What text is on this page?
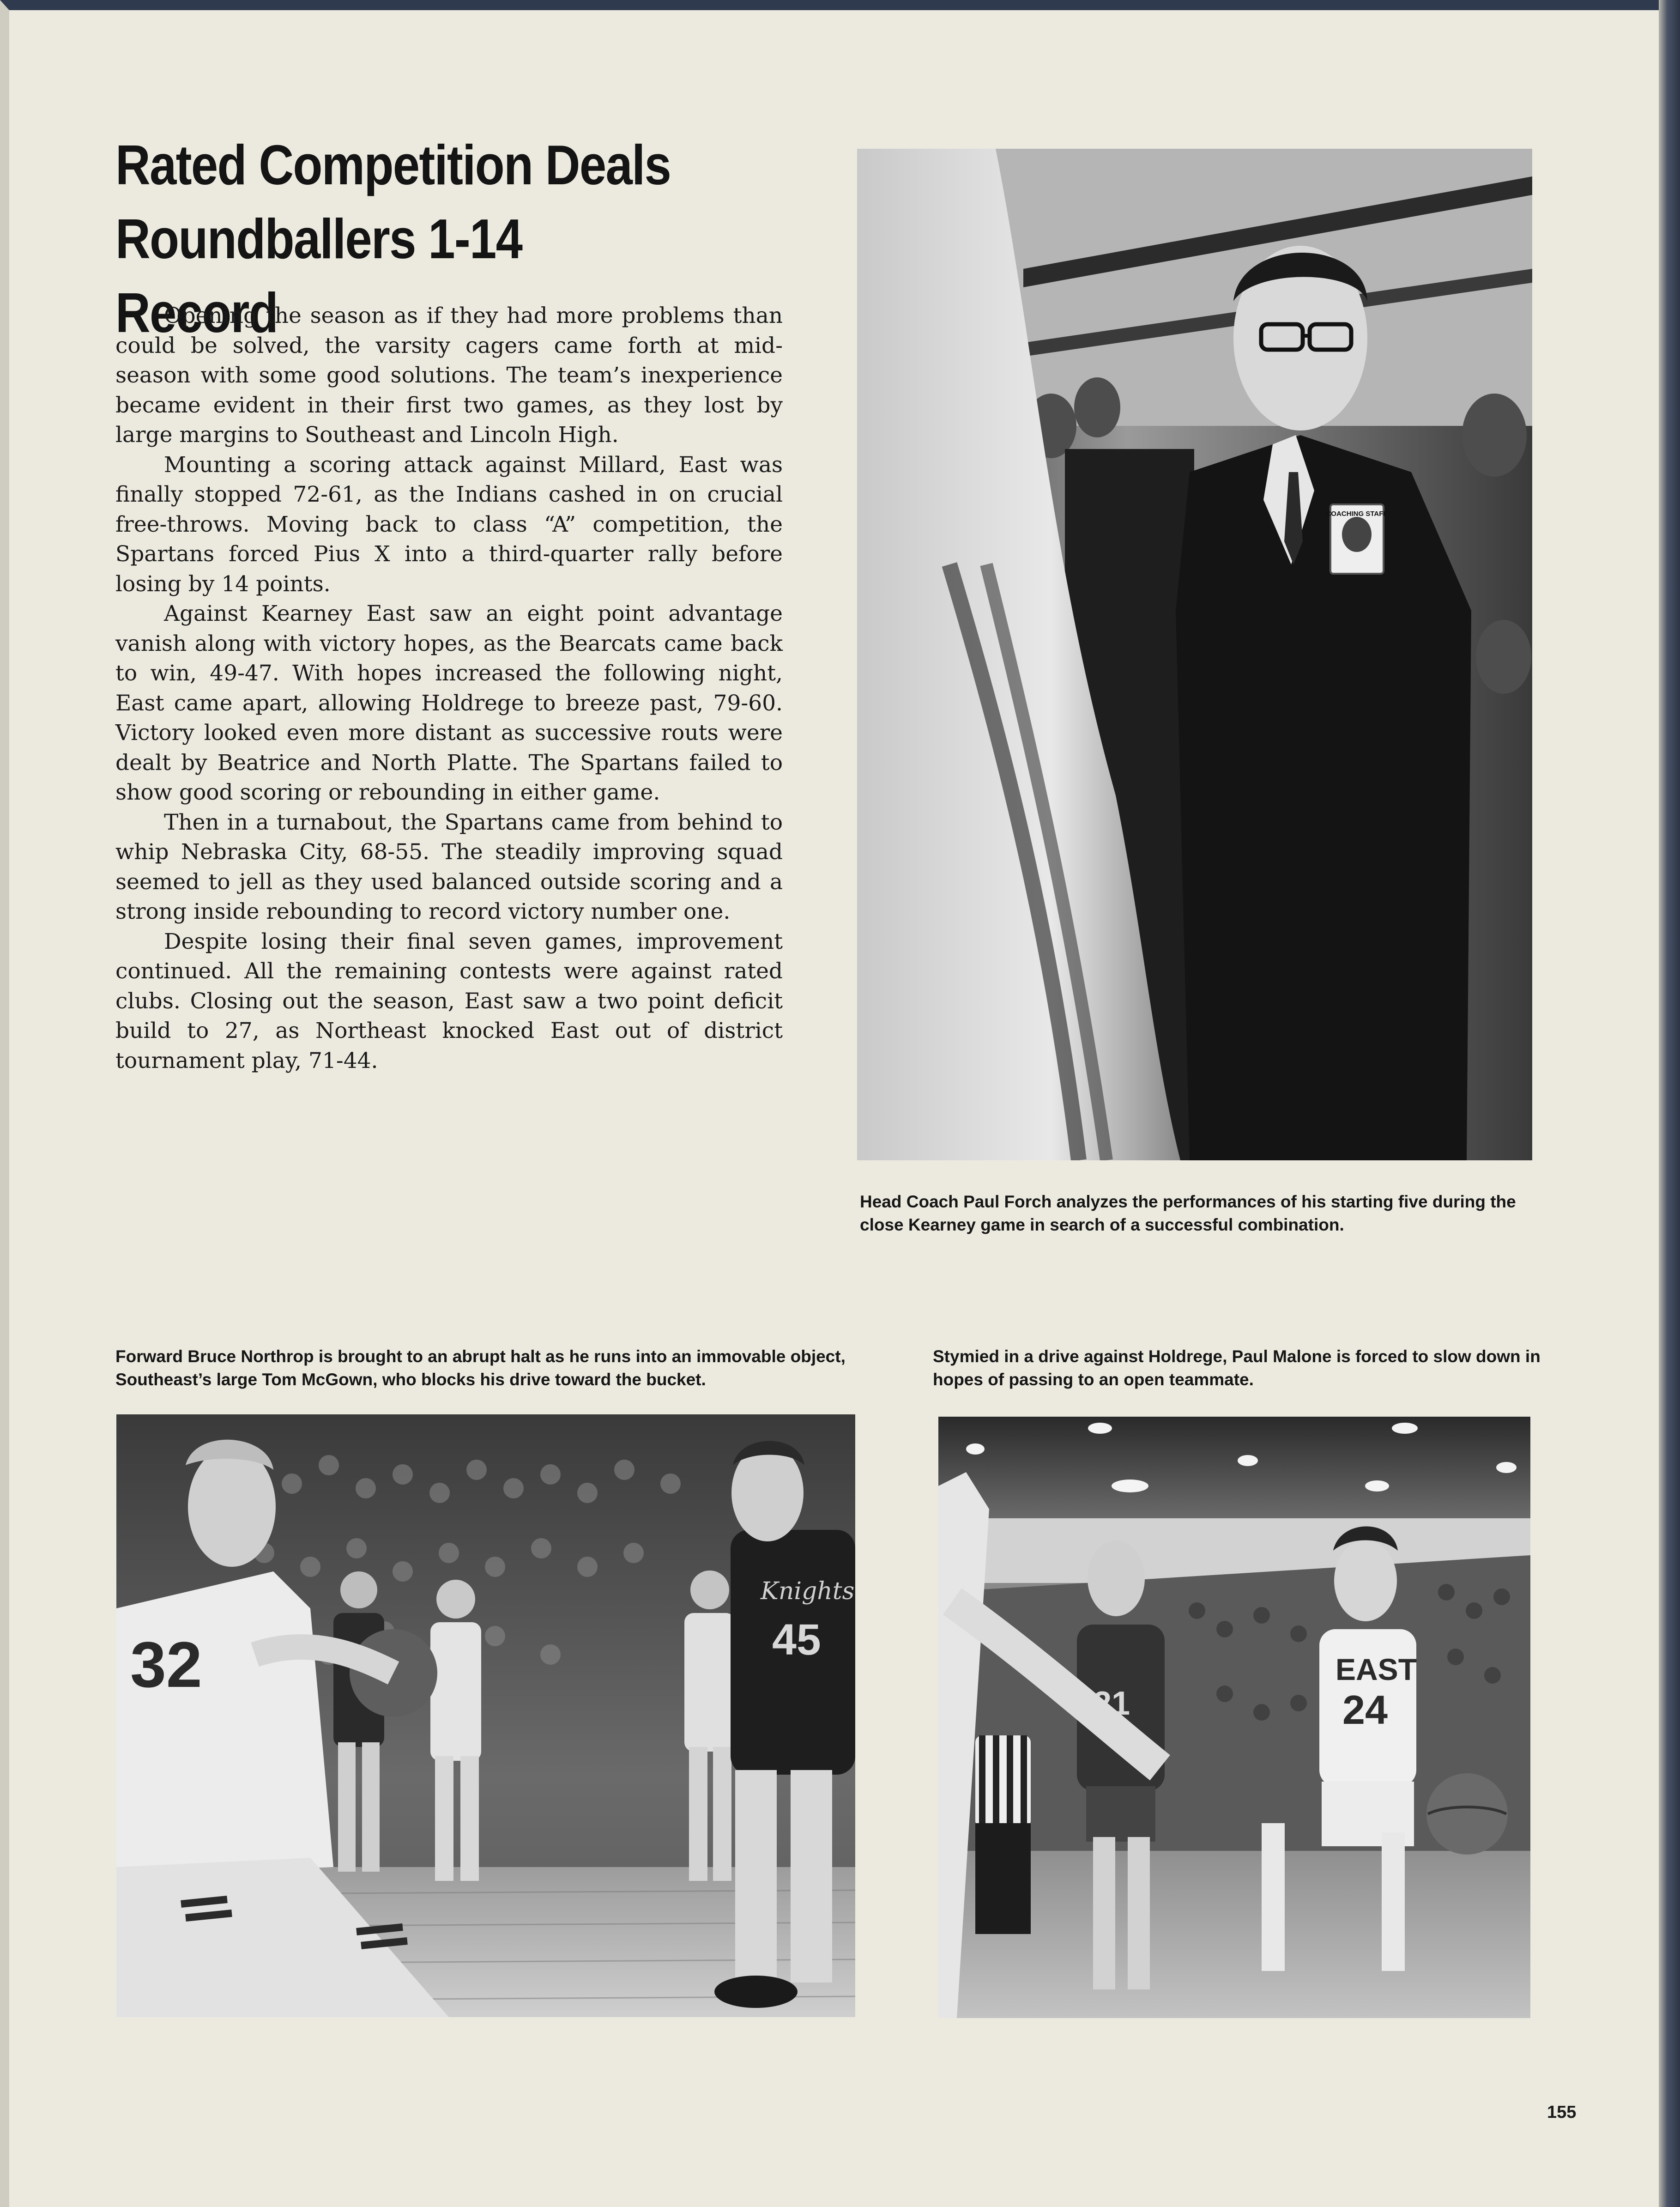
Rated Competition Deals
Roundballers 1-14 Record

Opening the season as if they had more problems than could be solved, the varsity cagers came forth at mid-season with some good solutions. The team’s inexperience became evident in their first two games, as they lost by large margins to Southeast and Lincoln High.

Mounting a scoring attack against Millard, East was finally stopped 72-61, as the Indians cashed in on crucial free-throws. Moving back to class “A” competition, the Spartans forced Pius X into a third-quarter rally before losing by 14 points.

Against Kearney East saw an eight point advantage vanish along with victory hopes, as the Bearcats came back to win, 49-47. With hopes increased the following night, East came apart, allowing Holdrege to breeze past, 79-60. Victory looked even more distant as successive routs were dealt by Beatrice and North Platte. The Spartans failed to show good scoring or rebounding in either game.

Then in a turnabout, the Spartans came from behind to whip Nebraska City, 68-55. The steadily improving squad seemed to jell as they used balanced outside scoring and a strong inside rebounding to record victory number one.

Despite losing their final seven games, improvement continued. All the remaining contests were against rated clubs. Closing out the season, East saw a two point deficit build to 27, as Northeast knocked East out of district tournament play, 71-44.

COACHING STAFF

Head Coach Paul Forch analyzes the performances of his starting five during the close Kearney game in search of a successful combination.

Forward Bruce Northrop is brought to an abrupt halt as he runs into an immovable object, Southeast’s large Tom McGown, who blocks his drive toward the bucket.

Knights
45
32

Stymied in a drive against Holdrege, Paul Malone is forced to slow down in hopes of passing to an open teammate.

21
EAST
24
155
